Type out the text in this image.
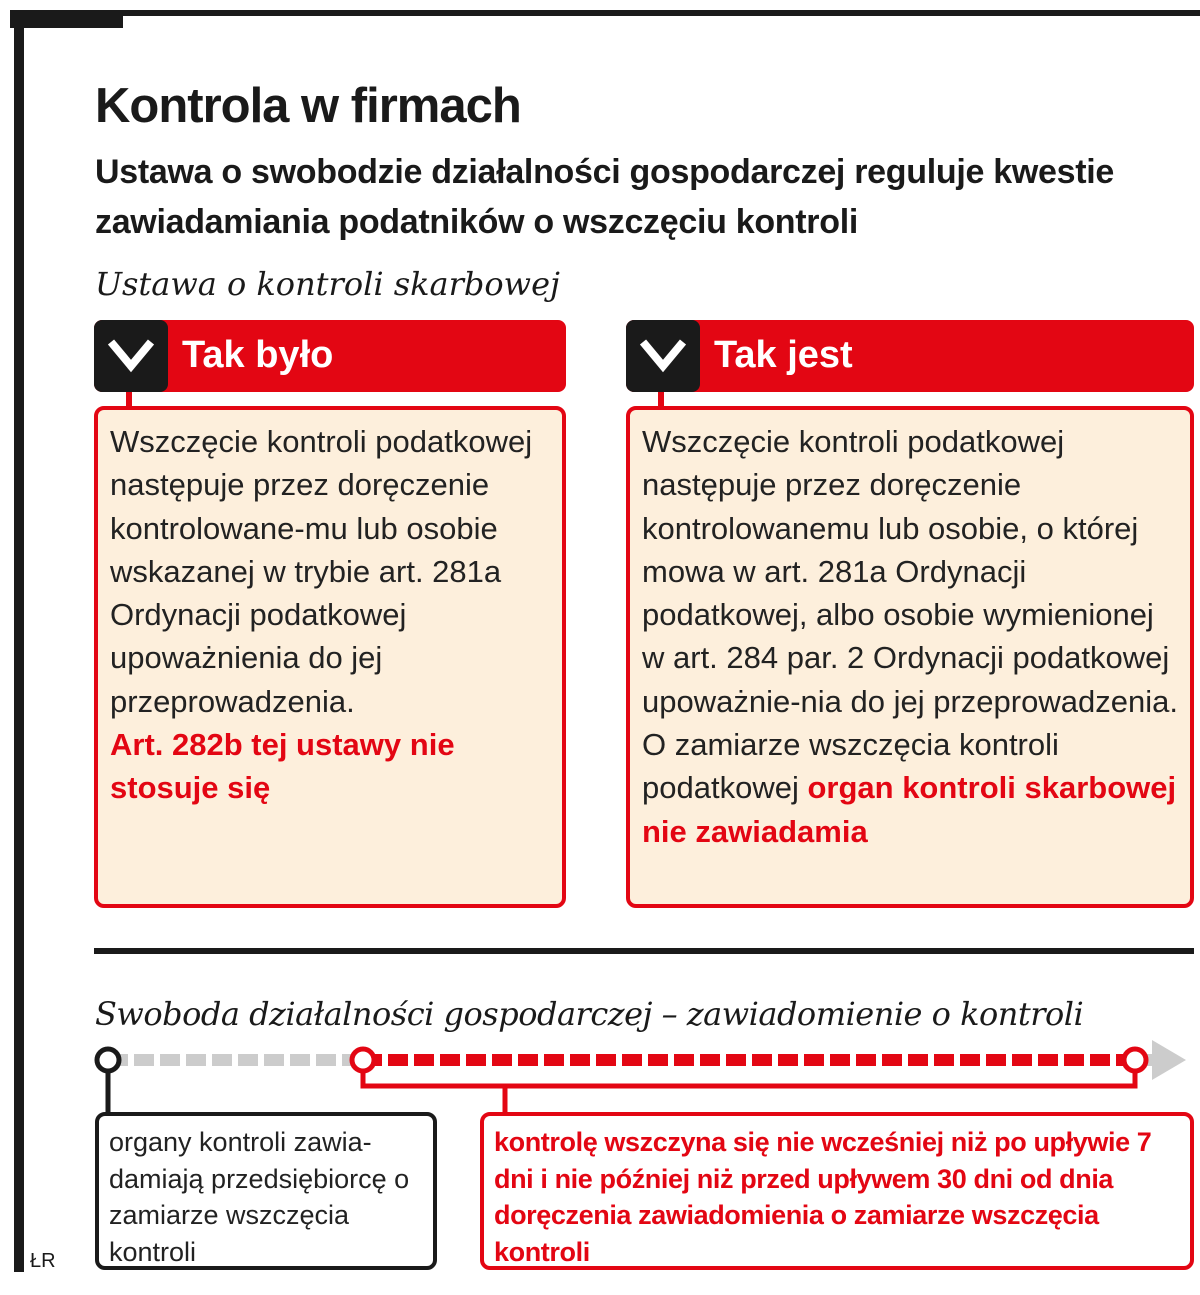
Kontrola w firmach
Ustawa o swobodzie działalności gospodarczej reguluje kwestie zawiadamiania podatników o wszczęciu kontroli
Ustawa o kontroli skarbowej
Tak było	Tak jest
Wszczęcie kontroli podatkowej następuje przez doręczenie kontrolowane-mu lub osobie wskazanej w trybie art. 281a Ordynacji podatkowej upoważnienia do jej przeprowadzenia.
Art. 282b tej ustawy nie stosuje się
Wszczęcie kontroli podatkowej następuje przez doręczenie kontrolowanemu lub osobie, o której mowa w art. 281a Ordynacji podatkowej, albo osobie wymienionej w art. 284 par. 2 Ordynacji podatkowej upoważnie-nia do jej przeprowadzenia. O zamiarze wszczęcia kontroli podatkowej organ kontroli skarbowej nie zawiadamia
Swoboda działalności gospodarczej – zawiadomienie o kontroli
organy kontroli zawia-damiają przedsiębiorcę o zamiarze wszczęcia kontroli
kontrolę wszczyna się nie wcześniej niż po upływie 7 dni i nie później niż przed upływem 30 dni od dnia doręczenia zawiadomienia o zamiarze wszczęcia kontroli
ŁR
